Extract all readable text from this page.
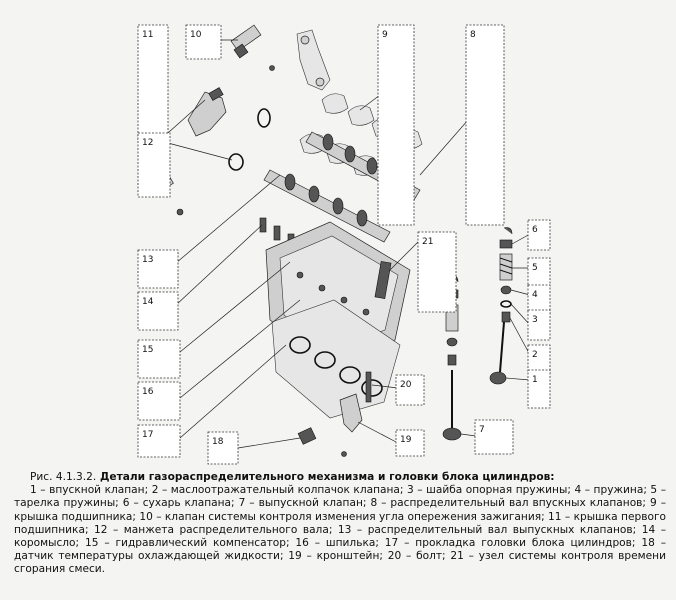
11	10	9	8
12
13
14
15
16
17
18	19
20
21
6
5
4
3
2
1
7
Рис. 4.1.3.2. Детали газораспределительного механизма и головки блока цилиндров:
1 – впускной клапан; 2 – маслоотражательный колпачок клапана; 3 – шайба опорная пружины; 4 – пружина; 5 – тарелка пружины; 6 – сухарь клапана; 7 – выпускной клапан; 8 – распределительный вал впускных клапанов; 9 – крышка подшипника; 10 – клапан системы контроля изменения угла опережения зажигания; 11 – крышка первого подшипника; 12 – манжета распределительного вала; 13 – распределительный вал выпускных клапанов; 14 – коромысло; 15 – гидравлический компенсатор; 16 – шпилька; 17 – прокладка головки блока цилиндров; 18 – датчик температуры охлаждающей жидкости; 19 – кронштейн; 20 – болт; 21 – узел системы контроля времени сгорания смеси.
